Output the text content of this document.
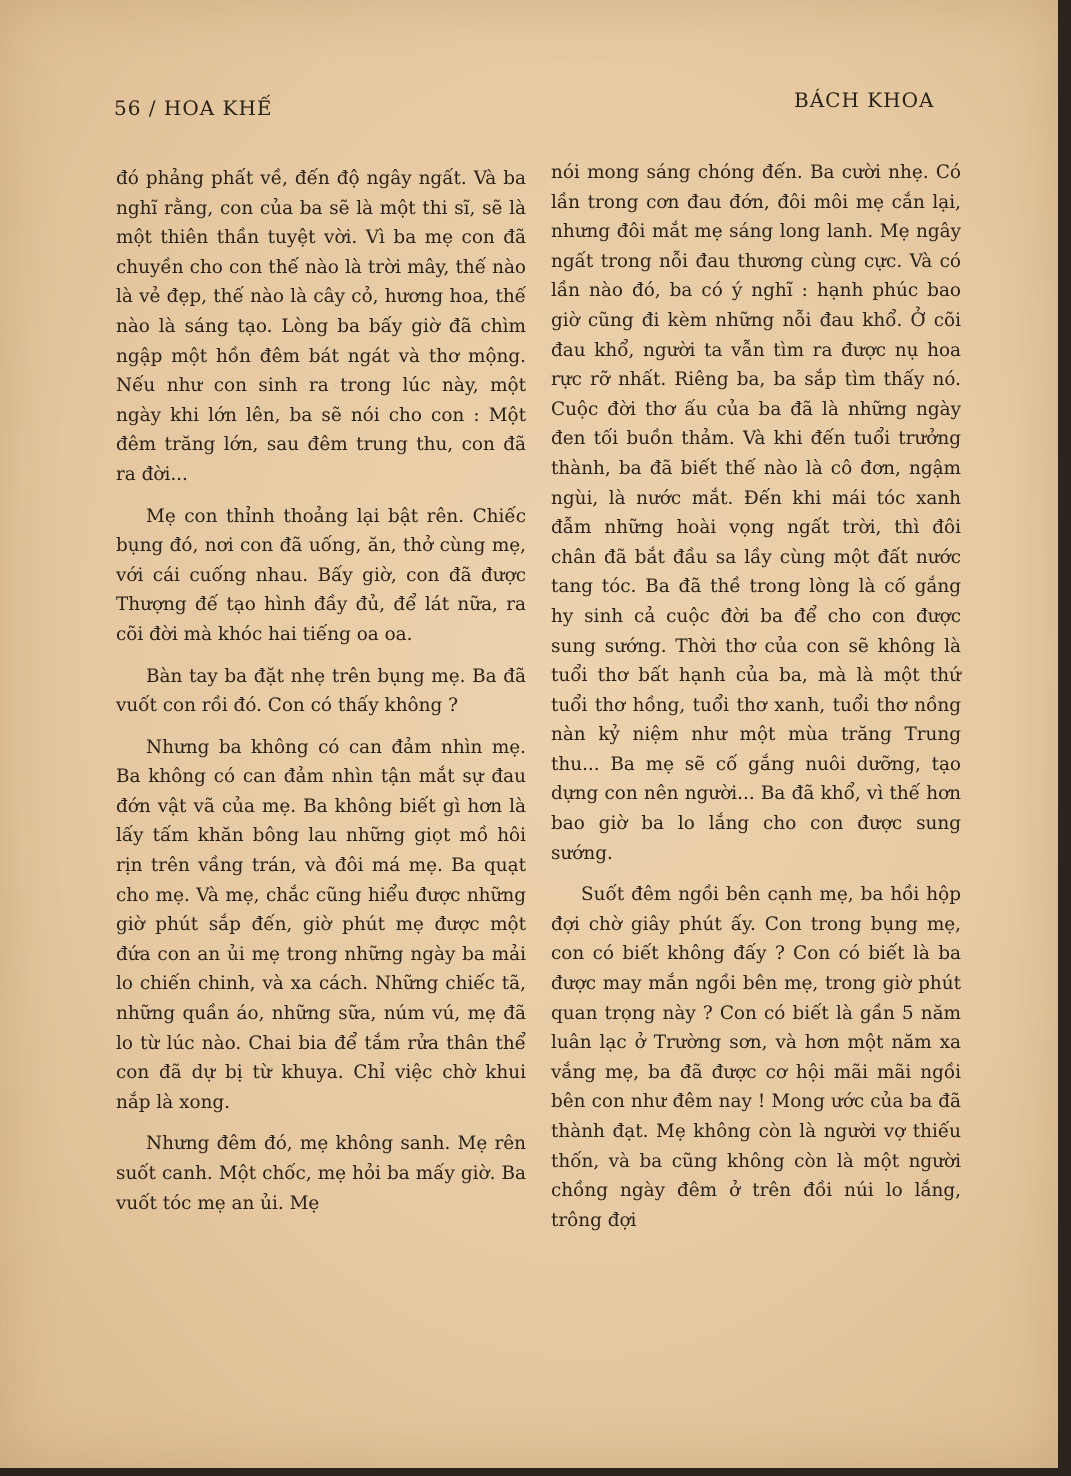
56 / HOA KHẾ	BÁCH KHOA

đó phảng phất về, đến độ ngây ngất. Và ba nghĩ rằng, con của ba sẽ là một thi sĩ, sẽ là một thiên thần tuyệt vời. Vì ba mẹ con đã chuyền cho con thế nào là trời mây, thế nào là vẻ đẹp, thế nào là cây cỏ, hương hoa, thế nào là sáng tạo. Lòng ba bấy giờ đã chìm ngập một hồn đêm bát ngát và thơ mộng. Nếu như con sinh ra trong lúc này, một ngày khi lớn lên, ba sẽ nói cho con : Một đêm trăng lớn, sau đêm trung thu, con đã ra đời...

Mẹ con thỉnh thoảng lại bật rên. Chiếc bụng đó, nơi con đã uống, ăn, thở cùng mẹ, với cái cuống nhau. Bấy giờ, con đã được Thượng đế tạo hình đầy đủ, để lát nữa, ra cõi đời mà khóc hai tiếng oa oa.

Bàn tay ba đặt nhẹ trên bụng mẹ. Ba đã vuốt con rồi đó. Con có thấy không ?

Nhưng ba không có can đảm nhìn mẹ. Ba không có can đảm nhìn tận mắt sự đau đớn vật vã của mẹ. Ba không biết gì hơn là lấy tấm khăn bông lau những giọt mồ hôi rịn trên vầng trán, và đôi má mẹ. Ba quạt cho mẹ. Và mẹ, chắc cũng hiểu được những giờ phút sắp đến, giờ phút mẹ được một đứa con an ủi mẹ trong những ngày ba mải lo chiến chinh, và xa cách. Những chiếc tã, những quần áo, những sữa, núm vú, mẹ đã lo từ lúc nào. Chai bia để tắm rửa thân thể con đã dự bị từ khuya. Chỉ việc chờ khui nắp là xong.

Nhưng đêm đó, mẹ không sanh. Mẹ rên suốt canh. Một chốc, mẹ hỏi ba mấy giờ. Ba vuốt tóc mẹ an ủi. Mẹ

nói mong sáng chóng đến. Ba cười nhẹ. Có lần trong cơn đau đớn, đôi môi mẹ cắn lại, nhưng đôi mắt mẹ sáng long lanh. Mẹ ngây ngất trong nỗi đau thương cùng cực. Và có lần nào đó, ba có ý nghĩ : hạnh phúc bao giờ cũng đi kèm những nỗi đau khổ. Ở cõi đau khổ, người ta vẫn tìm ra được nụ hoa rực rỡ nhất. Riêng ba, ba sắp tìm thấy nó. Cuộc đời thơ ấu của ba đã là những ngày đen tối buồn thảm. Và khi đến tuổi trưởng thành, ba đã biết thế nào là cô đơn, ngậm ngùi, là nước mắt. Đến khi mái tóc xanh đẫm những hoài vọng ngất trời, thì đôi chân đã bắt đầu sa lầy cùng một đất nước tang tóc. Ba đã thề trong lòng là cố gắng hy sinh cả cuộc đời ba để cho con được sung sướng. Thời thơ của con sẽ không là tuổi thơ bất hạnh của ba, mà là một thứ tuổi thơ hồng, tuổi thơ xanh, tuổi thơ nồng nàn kỷ niệm như một mùa trăng Trung thu... Ba mẹ sẽ cố gắng nuôi dưỡng, tạo dựng con nên người... Ba đã khổ, vì thế hơn bao giờ ba lo lắng cho con được sung sướng.

Suốt đêm ngồi bên cạnh mẹ, ba hồi hộp đợi chờ giây phút ấy. Con trong bụng mẹ, con có biết không đấy ? Con có biết là ba được may mắn ngồi bên mẹ, trong giờ phút quan trọng này ? Con có biết là gần 5 năm luân lạc ở Trường sơn, và hơn một năm xa vắng mẹ, ba đã được cơ hội mãi mãi ngồi bên con như đêm nay ! Mong ước của ba đã thành đạt. Mẹ không còn là người vợ thiếu thốn, và ba cũng không còn là một người chồng ngày đêm ở trên đồi núi lo lắng, trông đợi
